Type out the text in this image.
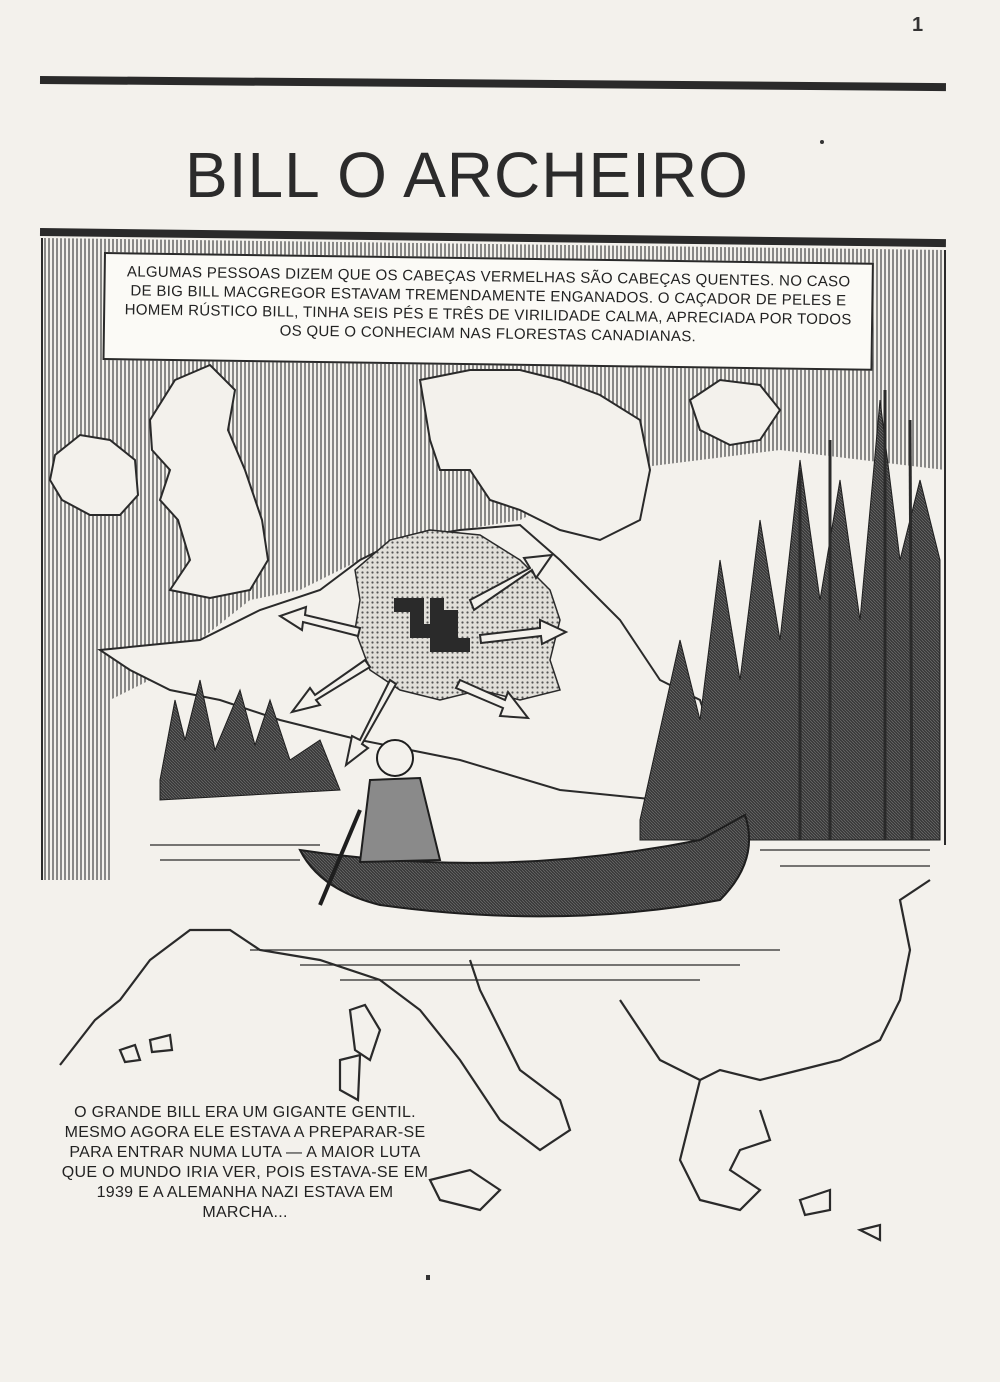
1
BILL O ARCHEIRO
ALGUMAS PESSOAS DIZEM QUE OS CABEÇAS VERMELHAS SÃO CABEÇAS QUENTES. NO CASO DE BIG BILL MACGREGOR ESTAVAM TREMENDAMENTE ENGANADOS. O CAÇADOR DE PELES E HOMEM RÚSTICO BILL, TINHA SEIS PÉS E TRÊS DE VIRILIDADE CALMA, APRECIADA POR TODOS OS QUE O CONHECIAM NAS FLORESTAS CANADIANAS.
O GRANDE BILL ERA UM GIGANTE GENTIL. MESMO AGORA ELE ESTAVA A PREPARAR-SE PARA ENTRAR NUMA LUTA — A MAIOR LUTA QUE O MUNDO IRIA VER, POIS ESTAVA-SE EM 1939 E A ALEMANHA NAZI ESTAVA EM MARCHA...
